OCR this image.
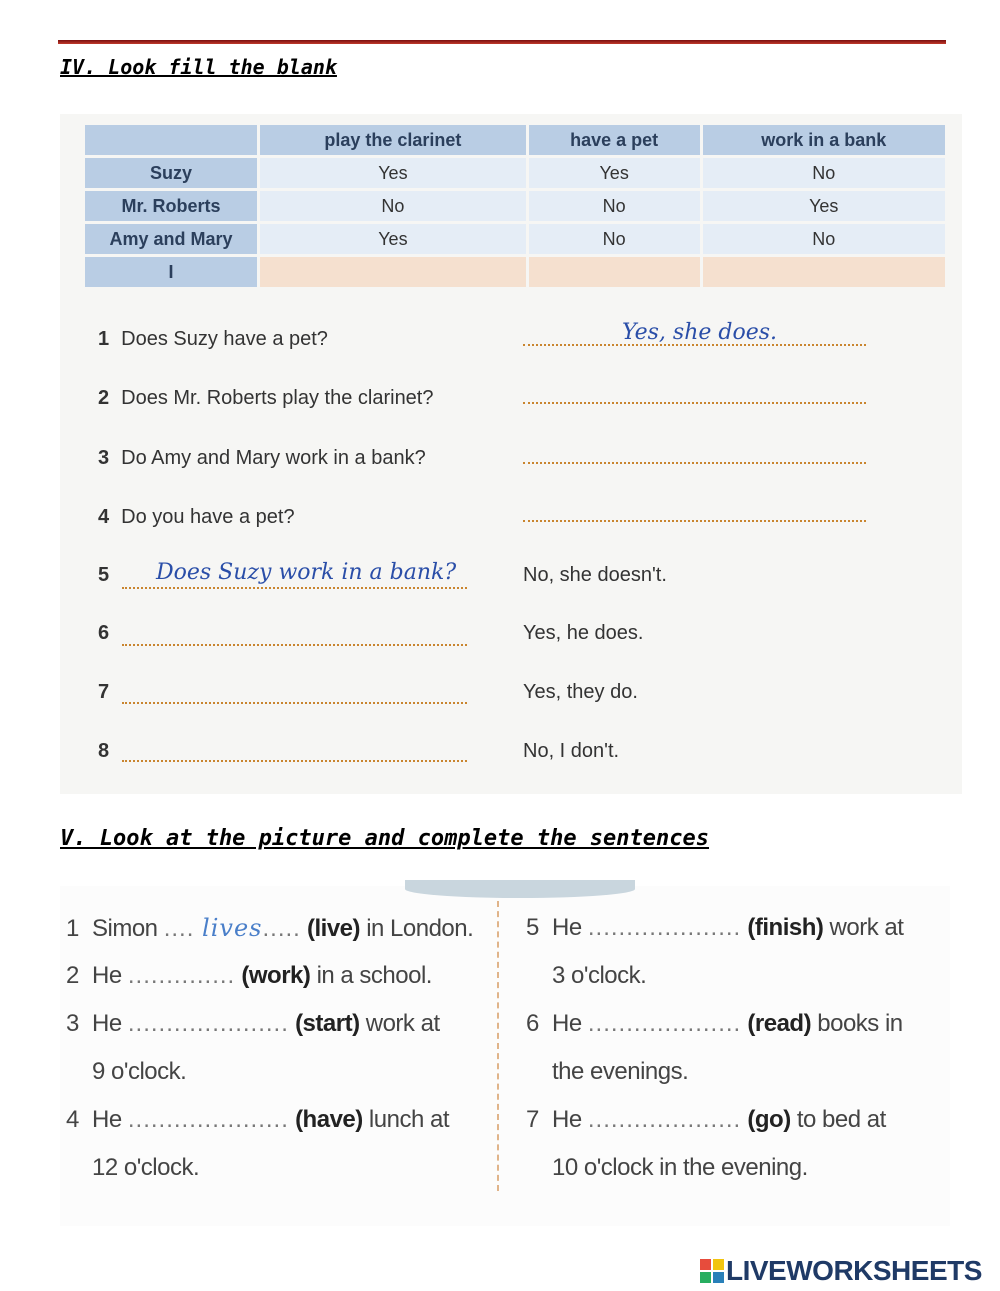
IV. Look fill the blank
	play the clarinet	have a pet	work in a bank
Suzy	Yes	Yes	No
Mr. Roberts	No	No	Yes
Amy and Mary	Yes	No	No
I			
1 Does Suzy have a pet?	Yes, she does.
2 Does Mr. Roberts play the clarinet?
3 Do Amy and Mary work in a bank?
4 Do you have a pet?
5	Does Suzy work in a bank?	No, she doesn't.
6	Yes, he does.
7	Yes, they do.
8	No, I don't.
V. Look at the picture and complete the sentences
1 Simon .... lives..... (live) in London.
2 He .............. (work) in a school.
3 He ..................... (start) work at
9 o'clock.
4 He ..................... (have) lunch at
12 o'clock.
5 He .................... (finish) work at
3 o'clock.
6 He .................... (read) books in
the evenings.
7 He .................... (go) to bed at
10 o'clock in the evening.
LIVEWORKSHEETS
